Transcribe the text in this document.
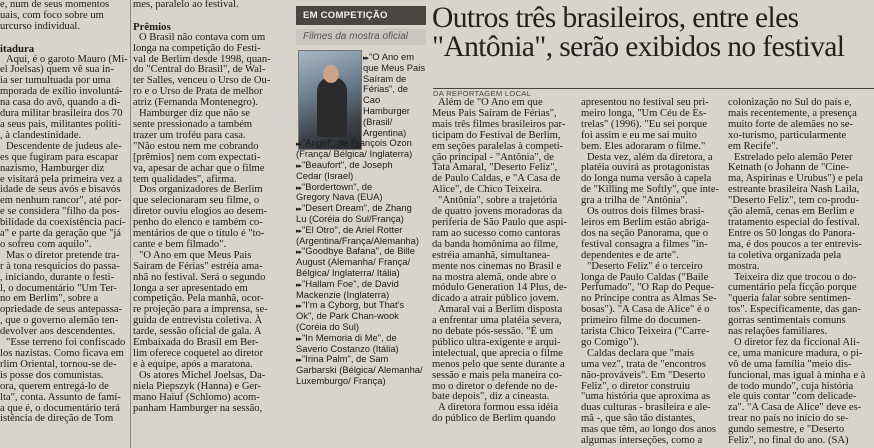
e, num de seus momentos

uais, com foco sobre um

urcurso individual.

itadura

Aqui, é o garoto Mauro (Mi-

el Joelsas) quem vê sua in-

ia ser tumultuada por uma

mporada de exílio involuntá-

na casa do avô, quando a di-

dura militar brasileira dos 70

a seus pais, militantes políti-

, à clandestinidade.

Descendente de judeus ale-

es que fugiram para escapar

nazismo, Hamburger diz

e visitará pela primeira vez a

idade de seus avós e bisavós

em nenhum rancor", até por-

e se considera "filho da pos-

bilidade da coexistência pací-

a" e parte da geração que "já

o sofreu com aquilo".

Mas o diretor pretende tra-

r à tona resquícios do passa-

, iniciando, durante o festi-

l, o documentário "Um Ter-

no em Berlim", sobre a

opriedade de seus antepassa-

, que o governo alemão ten-

devolver aos descendentes.

"Esse terreno foi confiscado

los nazistas. Como ficava em

rlim Oriental, tornou-se de-

is posse dos comunistas.

ora, querem entregá-lo de

lta", conta. Assunto de famí-

a que é, o documentário terá

istência de direção de Tom

mes, paralelo ao festival.

Prêmios

O Brasil não contava com um

longa na competição do Festi-

val de Berlim desde 1998, quan-

do "Central do Brasil", de Wal-

ter Salles, venceu o Urso de Ou-

ro e o Urso de Prata de melhor

atriz (Fernanda Montenegro).

Hamburger diz que não se

sente pressionado a também

trazer um troféu para casa.

"Não estou nem me cobrando

[prêmios] nem com expectati-

va, apesar de achar que o filme

tem qualidades", afirma.

Dos organizadores de Berlim

que selecionaram seu filme, o

diretor ouviu elogios ao desem-

penho do elenco e também co-

mentários de que o título é "to-

cante e bem filmado".

"O Ano em que Meus Pais

Saíram de Férias" estréia ama-

nhã no festival. Será o segundo

longa a ser apresentado em

competição. Pela manhã, ocor-

re projeção para a imprensa, se-

guida de entrevista coletiva. À

tarde, sessão oficial de gala. A

Embaixada do Brasil em Ber-

lim oferece coquetel ao diretor

e à equipe, após a maratona.

Os atores Michel Joelsas, Da-

niela Piepszyk (Hanna) e Ger-

mano Haiuf (Schlomo) acom-

panham Hamburger na sessão,

EM COMPETIÇÃO
Filmes da mostra oficial
▸▸ "O Ano em
que Meus Pais
Saíram de
Férias", de
Cao
Hamburger
(Brasil/
Argentina)
▸▸ "Angel", de François Ozon
(França/ Bélgica/ Inglaterra)
▸▸ "Beaufort", de Joseph
Cedar (Israel)
▸▸ "Bordertown", de
Gregory Nava (EUA)
▸▸ "Desert Dream", de Zhang
Lu (Coréia do Sul/França)
▸▸ "El Otro", de Ariel Rotter
(Argentina/França/Alemanha)
▸▸ "Goodbye Bafana", de Bille
August (Alemanha/ França/
Bélgica/ Inglaterra/ Itália)
▸▸ "Hallam Foe", de David
Mackenzie (Inglaterra)
▸▸ "I'm a Cyborg, but That's
Ok", de Park Chan-wook
(Coréia do Sul)
▸▸ "In Memoria di Me", de
Saverio Costanzo (Itália)
▸▸ "Irina Palm", de Sam
Garbarski (Bélgica/ Alemanha/
Luxemburgo/ França)

Outros três brasileiros, entre eles

"Antônia", serão exibidos no festival

DA REPORTAGEM LOCAL

Além de "O Ano em que

Meus Pais Saíram de Férias",

mais três filmes brasileiros par-

ticipam do Festival de Berlim,

em seções paralelas à competi-

ção principal - "Antônia", de

Tata Amaral, "Deserto Feliz",

de Paulo Caldas, e "A Casa de

Alice", de Chico Teixeira.

"Antônia", sobre a trajetória

de quatro jovens moradoras da

periferia de São Paulo que aspi-

ram ao sucesso como cantoras

da banda homônima ao filme,

estréia amanhã, simultanea-

mente nos cinemas no Brasil e

na mostra alemã, onde abre o

módulo Generation 14 Plus, de-

dicado a atrair público jovem.

Amaral vai a Berlim disposta

a enfrentar uma platéia severa,

no debate pós-sessão. "É um

público ultra-exigente e arqui-

intelectual, que aprecia o filme

menos pelo que sente durante a

sessão e mais pela maneira co-

mo o diretor o defende no de-

bate depois", diz a cineasta.

A diretora formou essa idéia

do público de Berlim quando

apresentou no festival seu pri-

meiro longa, "Um Céu de Es-

trelas" (1996). "Eu sei porque

foi assim e eu me saí muito

bem. Eles adoraram o filme."

Desta vez, além da diretora, a

platéia ouvirá as protagonistas

do longa numa versão à capela

de "Killing me Softly", que inte-

gra a trilha de "Antônia".

Os outros dois filmes brasi-

leiros em Berlim estão abriga-

dos na seção Panorama, que o

festival consagra a filmes "in-

dependentes e de arte".

"Deserto Feliz" é o terceiro

longa de Paulo Caldas ("Baile

Perfumado", "O Rap do Peque-

no Príncipe contra as Almas Se-

bosas"). "A Casa de Alice" é o

primeiro filme do documen-

tarista Chico Teixeira ("Carre-

go Comigo").

Caldas declara que "mais

uma vez", trata de "encontros

não-prováveis". Em "Deserto

Feliz", o diretor construiu

"uma história que aproxima as

duas culturas - brasileira e ale-

mã -, que são tão distantes,

mas que têm, ao longo dos anos

algumas interseções, como a

colonização no Sul do país e,

mais recentemente, a presença

muito forte de alemães no se-

xo-turismo, particularmente

em Recife".

Estrelado pelo alemão Peter

Ketnath (o Johann de "Cine-

ma, Aspirinas e Urubus") e pela

estreante brasileira Nash Laila,

"Deserto Feliz", tem co-produ-

ção alemã, cenas em Berlim e

tratamento especial do festival.

Entre os 50 longas do Panora-

ma, é dos poucos a ter entrevis-

ta coletiva organizada pela

mostra.

Teixeira diz que trocou o do-

cumentário pela ficção porque

"queria falar sobre sentimen-

tos". Especificamente, das gan-

gorras sentimentais comuns

nas relações familiares.

O diretor fez da ficcional Ali-

ce, uma manicure madura, o pi-

vô de uma família "meio dis-

funcional, mas igual à minha e à

de todo mundo", cuja história

ele quis contar "com delicade-

za". "A Casa de Alice" deve es-

trear no país no início do se-

gundo semestre, e "Deserto

Feliz", no final do ano. (SA)
